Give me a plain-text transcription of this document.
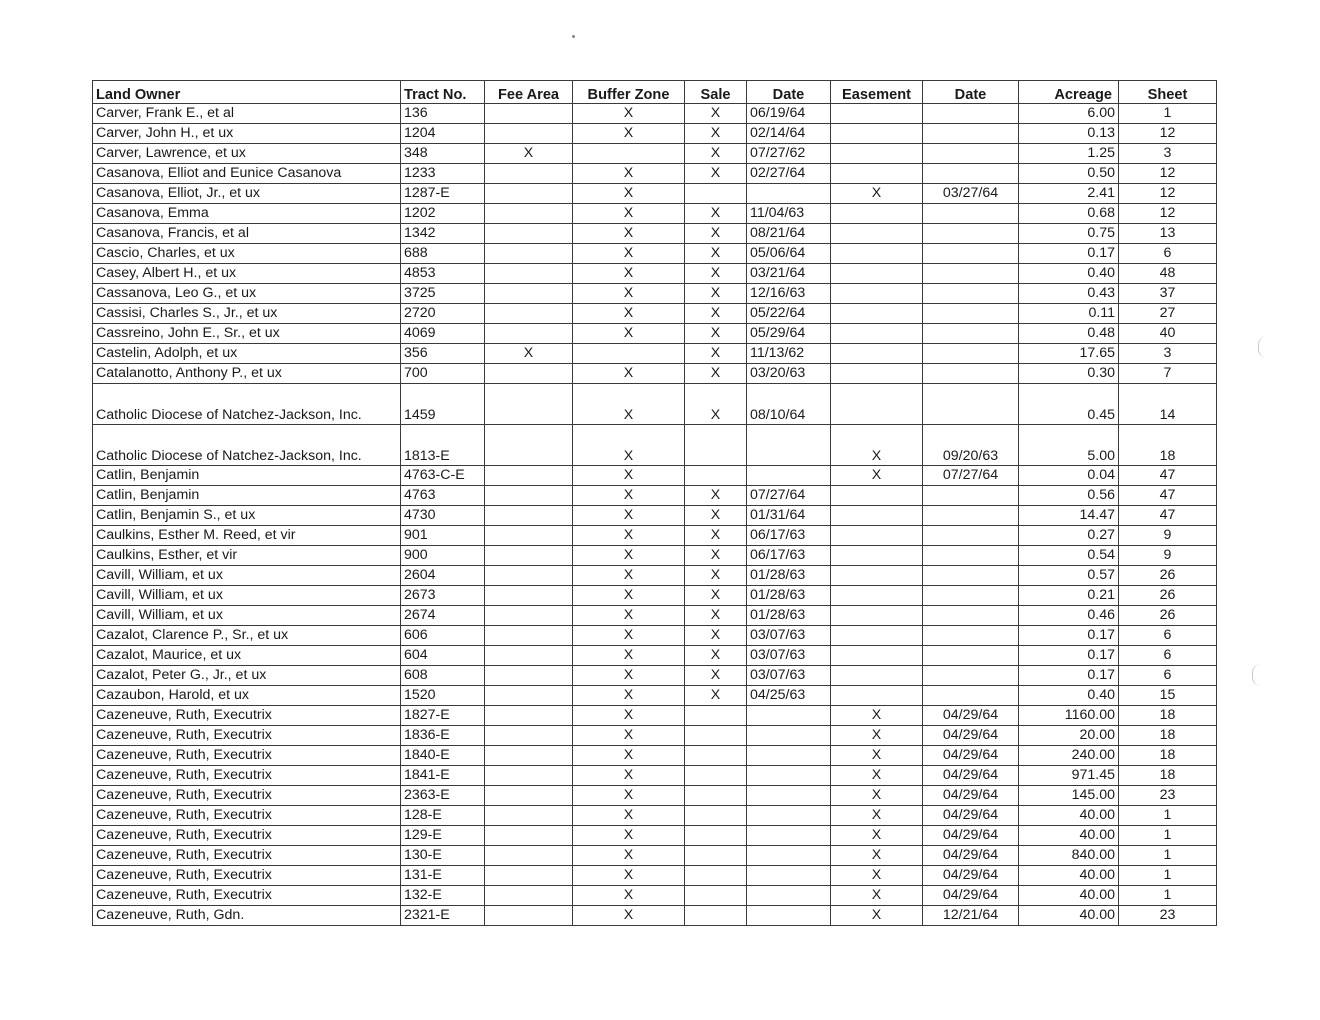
Land Owner	Tract No.	Fee Area	Buffer Zone	Sale	Date	Easement	Date	Acreage	Sheet
Carver, Frank E., et al	136		X	X	06/19/64			6.00	1
Carver, John H., et ux	1204		X	X	02/14/64			0.13	12
Carver, Lawrence, et ux	348	X		X	07/27/62			1.25	3
Casanova, Elliot and Eunice Casanova	1233		X	X	02/27/64			0.50	12
Casanova, Elliot, Jr., et ux	1287-E		X			X	03/27/64	2.41	12
Casanova, Emma	1202		X	X	11/04/63			0.68	12
Casanova, Francis, et al	1342		X	X	08/21/64			0.75	13
Cascio, Charles, et ux	688		X	X	05/06/64			0.17	6
Casey, Albert H., et ux	4853		X	X	03/21/64			0.40	48
Cassanova, Leo G., et ux	3725		X	X	12/16/63			0.43	37
Cassisi, Charles S., Jr., et ux	2720		X	X	05/22/64			0.11	27
Cassreino, John E., Sr., et ux	4069		X	X	05/29/64			0.48	40
Castelin, Adolph, et ux	356	X		X	11/13/62			17.65	3
Catalanotto, Anthony P., et ux	700		X	X	03/20/63			0.30	7
Catholic Diocese of Natchez-Jackson, Inc.	1459		X	X	08/10/64			0.45	14
Catholic Diocese of Natchez-Jackson, Inc.	1813-E		X			X	09/20/63	5.00	18
Catlin, Benjamin	4763-C-E		X			X	07/27/64	0.04	47
Catlin, Benjamin	4763		X	X	07/27/64			0.56	47
Catlin, Benjamin S., et ux	4730		X	X	01/31/64			14.47	47
Caulkins, Esther M. Reed, et vir	901		X	X	06/17/63			0.27	9
Caulkins, Esther, et vir	900		X	X	06/17/63			0.54	9
Cavill, William, et ux	2604		X	X	01/28/63			0.57	26
Cavill, William, et ux	2673		X	X	01/28/63			0.21	26
Cavill, William, et ux	2674		X	X	01/28/63			0.46	26
Cazalot, Clarence P., Sr., et ux	606		X	X	03/07/63			0.17	6
Cazalot, Maurice, et ux	604		X	X	03/07/63			0.17	6
Cazalot, Peter G., Jr., et ux	608		X	X	03/07/63			0.17	6
Cazaubon, Harold, et ux	1520		X	X	04/25/63			0.40	15
Cazeneuve, Ruth, Executrix	1827-E		X			X	04/29/64	1160.00	18
Cazeneuve, Ruth, Executrix	1836-E		X			X	04/29/64	20.00	18
Cazeneuve, Ruth, Executrix	1840-E		X			X	04/29/64	240.00	18
Cazeneuve, Ruth, Executrix	1841-E		X			X	04/29/64	971.45	18
Cazeneuve, Ruth, Executrix	2363-E		X			X	04/29/64	145.00	23
Cazeneuve, Ruth, Executrix	128-E		X			X	04/29/64	40.00	1
Cazeneuve, Ruth, Executrix	129-E		X			X	04/29/64	40.00	1
Cazeneuve, Ruth, Executrix	130-E		X			X	04/29/64	840.00	1
Cazeneuve, Ruth, Executrix	131-E		X			X	04/29/64	40.00	1
Cazeneuve, Ruth, Executrix	132-E		X			X	04/29/64	40.00	1
Cazeneuve, Ruth, Gdn.	2321-E		X			X	12/21/64	40.00	23
